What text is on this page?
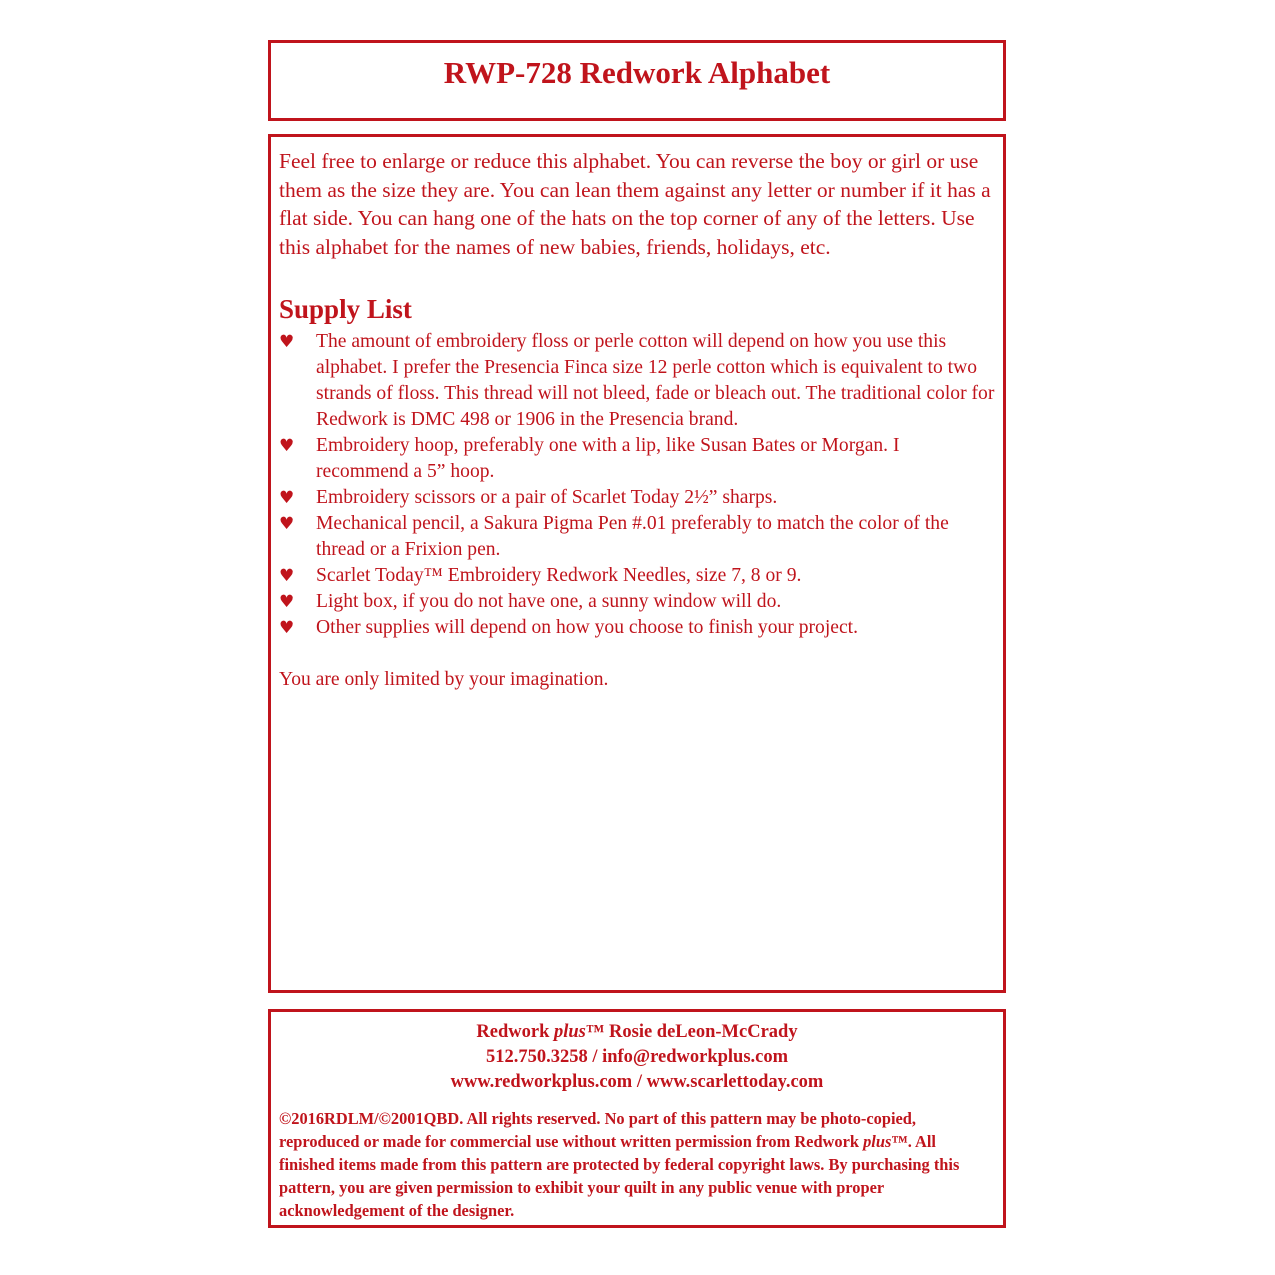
RWP-728 Redwork Alphabet

Feel free to enlarge or reduce this alphabet. You can reverse the boy or girl or use them as the size they are. You can lean them against any letter or number if it has a flat side. You can hang one of the hats on the top corner of any of the letters. Use this alphabet for the names of new babies, friends, holidays, etc.

Supply List
♥ The amount of embroidery floss or perle cotton will depend on how you use this alphabet. I prefer the Presencia Finca size 12 perle cotton which is equivalent to two strands of floss. This thread will not bleed, fade or bleach out. The traditional color for Redwork is DMC 498 or 1906 in the Presencia brand.
♥ Embroidery hoop, preferably one with a lip, like Susan Bates or Morgan. I recommend a 5” hoop.
♥ Embroidery scissors or a pair of Scarlet Today 2½” sharps.
♥ Mechanical pencil, a Sakura Pigma Pen #.01 preferably to match the color of the thread or a Frixion pen.
♥ Scarlet Today™ Embroidery Redwork Needles, size 7, 8 or 9.
♥ Light box, if you do not have one, a sunny window will do.
♥ Other supplies will depend on how you choose to finish your project.

You are only limited by your imagination.

Redwork plus™ Rosie deLeon-McCrady
512.750.3258 / info@redworkplus.com
www.redworkplus.com / www.scarlettoday.com

©2016RDLM/©2001QBD. All rights reserved. No part of this pattern may be photo-copied, reproduced or made for commercial use without written permission from Redwork plus™. All finished items made from this pattern are protected by federal copyright laws. By purchasing this pattern, you are given permission to exhibit your quilt in any public venue with proper acknowledgement of the designer.
